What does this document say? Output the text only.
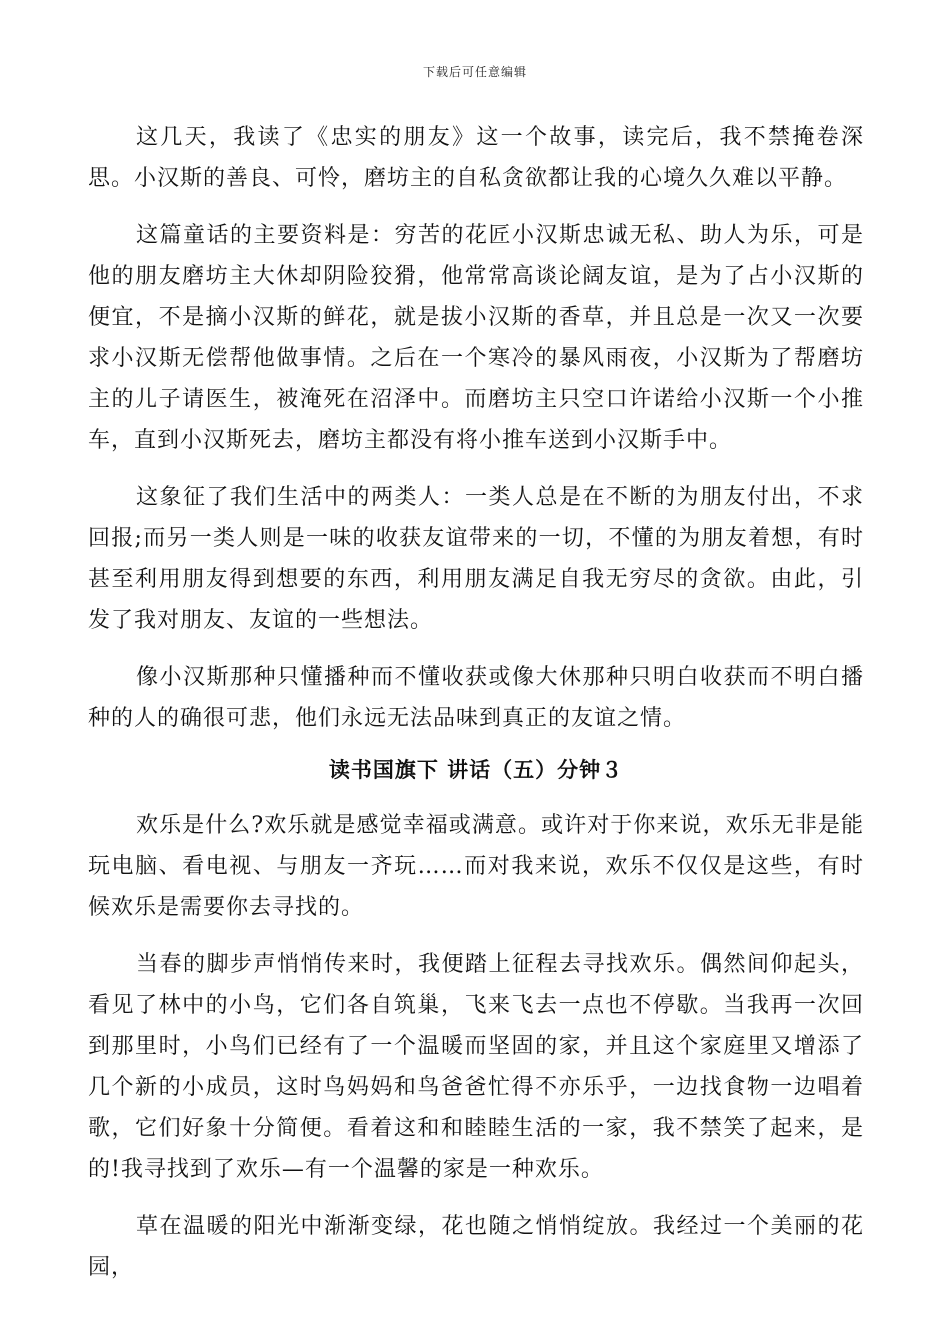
下载后可任意编辑

这几天，我读了《忠实的朋友》这一个故事，读完后，我不禁掩卷深思。小汉斯的善良、可怜，磨坊主的自私贪欲都让我的心境久久难以平静。

这篇童话的主要资料是：穷苦的花匠小汉斯忠诚无私、助人为乐，可是他的朋友磨坊主大休却阴险狡猾，他常常高谈论阔友谊，是为了占小汉斯的便宜，不是摘小汉斯的鲜花，就是拔小汉斯的香草，并且总是一次又一次要求小汉斯无偿帮他做事情。之后在一个寒冷的暴风雨夜，小汉斯为了帮磨坊主的儿子请医生，被淹死在沼泽中。而磨坊主只空口许诺给小汉斯一个小推车，直到小汉斯死去，磨坊主都没有将小推车送到小汉斯手中。

这象征了我们生活中的两类人：一类人总是在不断的为朋友付出，不求回报;而另一类人则是一味的收获友谊带来的一切，不懂的为朋友着想，有时甚至利用朋友得到想要的东西，利用朋友满足自我无穷尽的贪欲。由此，引发了我对朋友、友谊的一些想法。

像小汉斯那种只懂播种而不懂收获或像大休那种只明白收获而不明白播种的人的确很可悲，他们永远无法品味到真正的友谊之情。

读书国旗下 讲话（五）分钟３

欢乐是什么?欢乐就是感觉幸福或满意。或许对于你来说，欢乐无非是能玩电脑、看电视、与朋友一齐玩……而对我来说，欢乐不仅仅是这些，有时候欢乐是需要你去寻找的。

当春的脚步声悄悄传来时，我便踏上征程去寻找欢乐。偶然间仰起头，看见了林中的小鸟，它们各自筑巢，飞来飞去一点也不停歇。当我再一次回到那里时，小鸟们已经有了一个温暖而坚固的家，并且这个家庭里又增添了几个新的小成员，这时鸟妈妈和鸟爸爸忙得不亦乐乎，一边找食物一边唱着歌，它们好象十分简便。看着这和和睦睦生活的一家，我不禁笑了起来，是的!我寻找到了欢乐—有一个温馨的家是一种欢乐。

草在温暖的阳光中渐渐变绿，花也随之悄悄绽放。我经过一个美丽的花园，
